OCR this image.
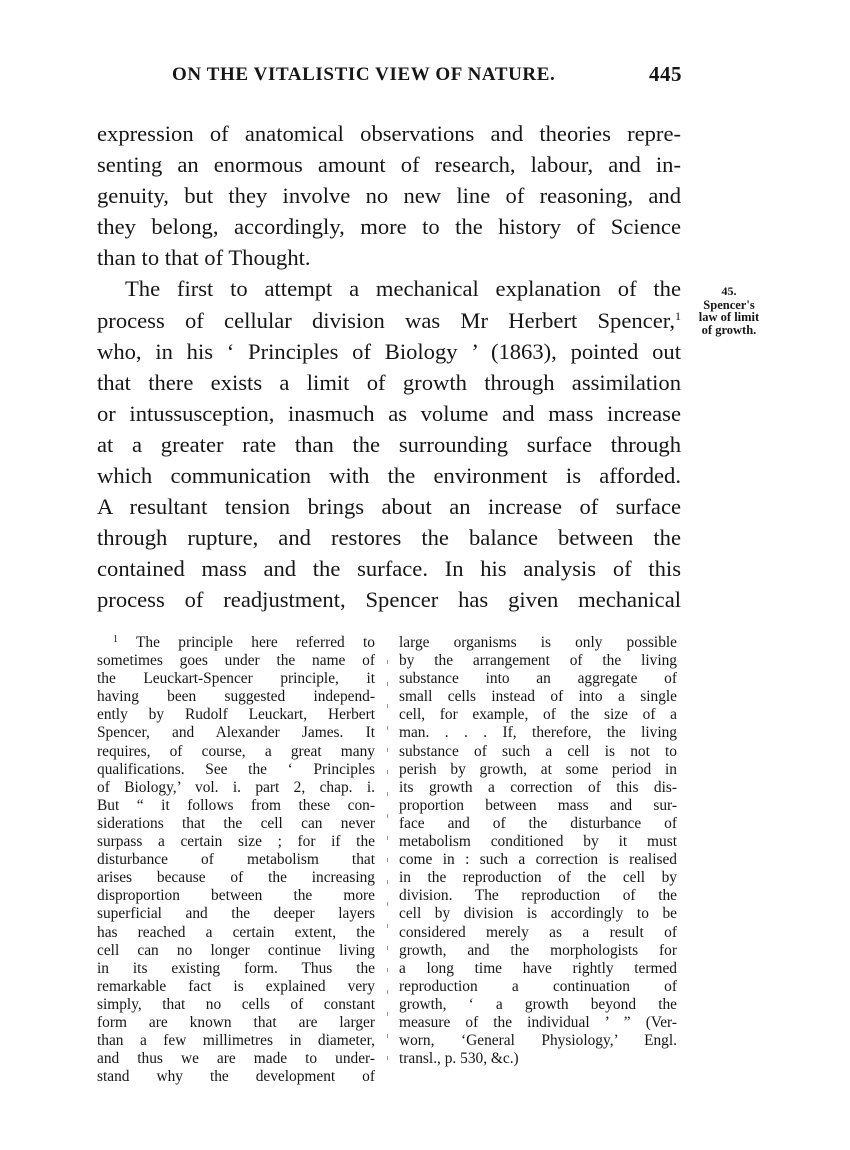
ON THE VITALISTIC VIEW OF NATURE.	445
expression of anatomical observations and theories repre-
senting an enormous amount of research, labour, and in-
genuity, but they involve no new line of reasoning, and
they belong, accordingly, more to the history of Science
than to that of Thought.
The first to attempt a mechanical explanation of the
process of cellular division was Mr Herbert Spencer,$^1$
who, in his ‘ Principles of Biology ’ (1863), pointed out
that there exists a limit of growth through assimilation
or intussusception, inasmuch as volume and mass increase
at a greater rate than the surrounding surface through
which communication with the environment is afforded.
A resultant tension brings about an increase of surface
through rupture, and restores the balance between the
contained mass and the surface. In his analysis of this
process of readjustment, Spencer has given mechanical
45.
Spencer's
law of limit
of growth.
$^1$ The principle here referred to
sometimes goes under the name of
the Leuckart-Spencer principle, it
having been suggested independ-
ently by Rudolf Leuckart, Herbert
Spencer, and Alexander James. It
requires, of course, a great many
qualifications. See the ‘ Principles
of Biology,’ vol. i. part 2, chap. i.
But “ it follows from these con-
siderations that the cell can never
surpass a certain size ; for if the
disturbance of metabolism that
arises because of the increasing
disproportion between the more
superficial and the deeper layers
has reached a certain extent, the
cell can no longer continue living
in its existing form. Thus the
remarkable fact is explained very
simply, that no cells of constant
form are known that are larger
than a few millimetres in diameter,
and thus we are made to under-
stand why the development of
large organisms is only possible
by the arrangement of the living
substance into an aggregate of
small cells instead of into a single
cell, for example, of the size of a
man. . . . If, therefore, the living
substance of such a cell is not to
perish by growth, at some period in
its growth a correction of this dis-
proportion between mass and sur-
face and of the disturbance of
metabolism conditioned by it must
come in : such a correction is realised
in the reproduction of the cell by
division. The reproduction of the
cell by division is accordingly to be
considered merely as a result of
growth, and the morphologists for
a long time have rightly termed
reproduction a continuation of
growth, ‘ a growth beyond the
measure of the individual ’ ” (Ver-
worn, ‘General Physiology,’ Engl.
transl., p. 530, &c.)
